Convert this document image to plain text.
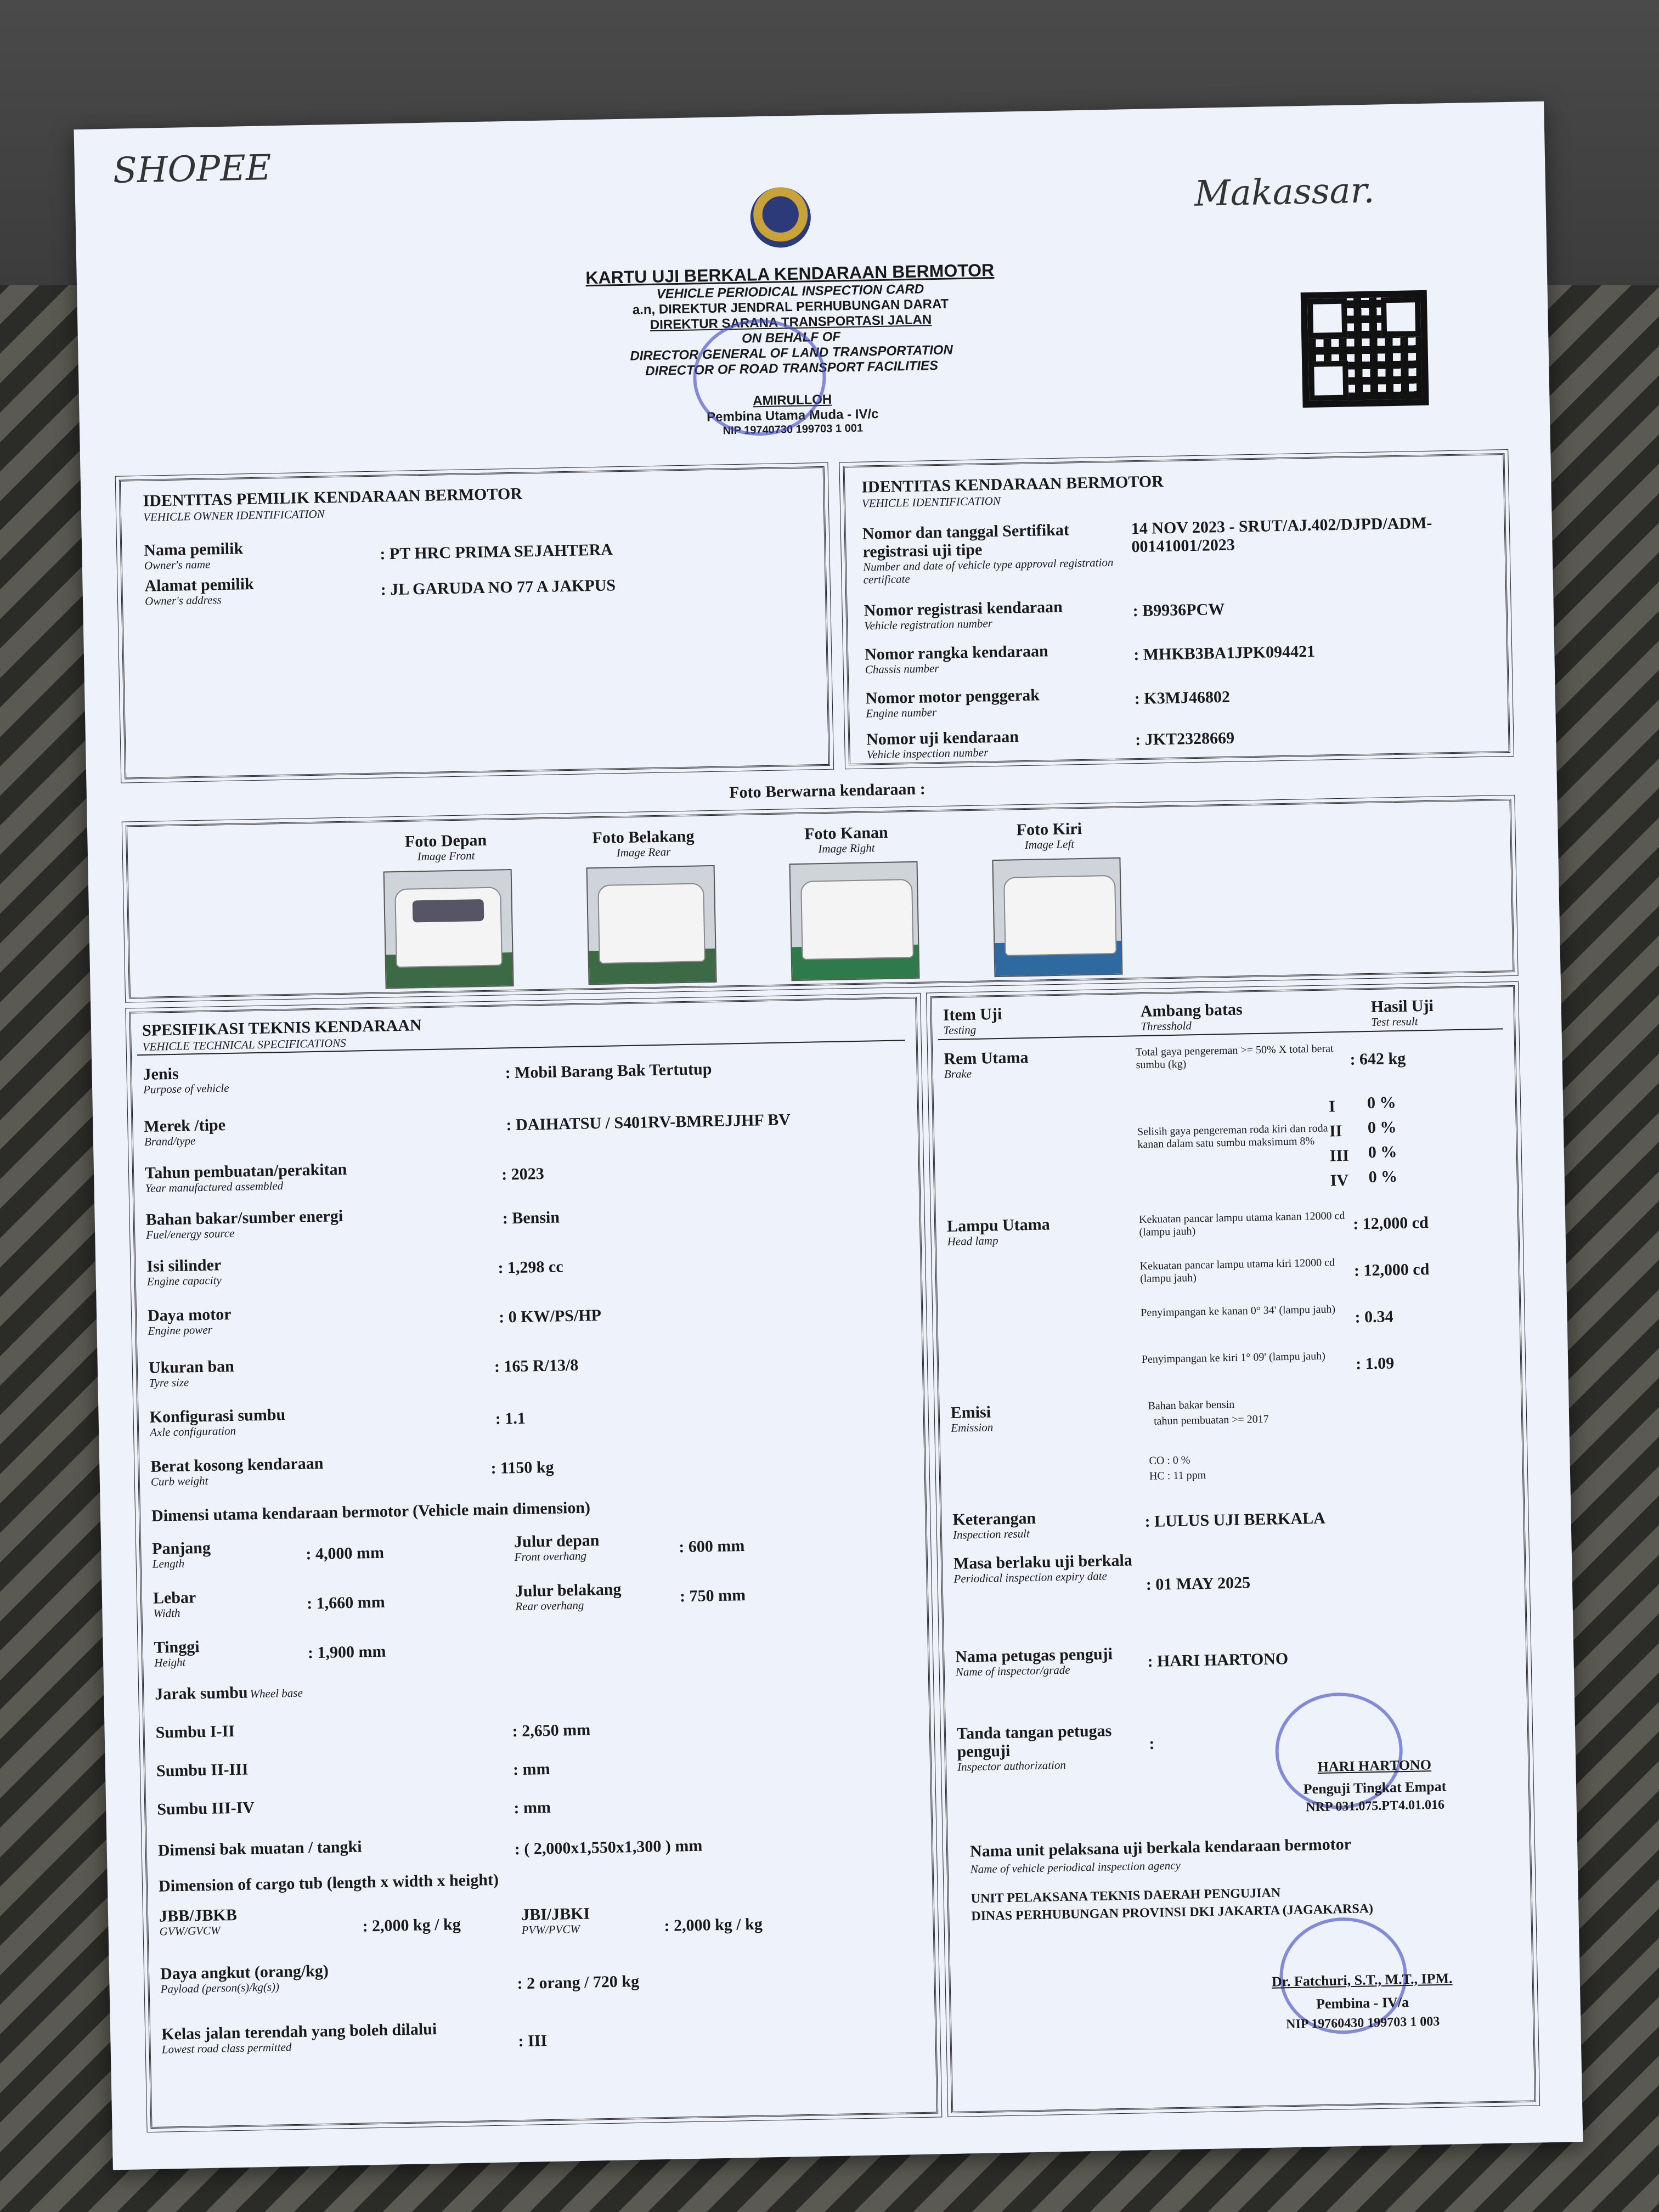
SHOPEE
Makassar.
KARTU UJI BERKALA KENDARAAN BERMOTOR
VEHICLE PERIODICAL INSPECTION CARD
a.n, DIREKTUR JENDRAL PERHUBUNGAN DARAT
DIREKTUR SARANA TRANSPORTASI JALAN
ON BEHALF OF
DIRECTOR GENERAL OF LAND TRANSPORTATION
DIRECTOR OF ROAD TRANSPORT FACILITIES
AMIRULLOH
Pembina Utama Muda - IV/c
NIP 19740730 199703 1 001
IDENTITAS PEMILIK KENDARAAN BERMOTOR
VEHICLE OWNER IDENTIFICATION
Nama pemilik
Owner's name
: PT HRC PRIMA SEJAHTERA
Alamat pemilik
Owner's address
: JL GARUDA NO 77 A JAKPUS
IDENTITAS KENDARAAN BERMOTOR
VEHICLE IDENTIFICATION
Nomor dan tanggal Sertifikat registrasi uji tipe
Number and date of vehicle type approval registration certificate
14 NOV 2023 - SRUT/AJ.402/DJPD/ADM-00141001/2023
Nomor registrasi kendaraan
Vehicle registration number
: B9936PCW
Nomor rangka kendaraan
Chassis number
: MHKB3BA1JPK094421
Nomor motor penggerak
Engine number
: K3MJ46802
Nomor uji kendaraan
Vehicle inspection number
: JKT2328669
Foto Berwarna kendaraan :
Foto Depan
Image Front
Foto Belakang
Image Rear
Foto Kanan
Image Right
Foto Kiri
Image Left
SPESIFIKASI TEKNIS KENDARAAN
VEHICLE TECHNICAL SPECIFICATIONS
Jenis
Purpose of vehicle
: Mobil Barang Bak Tertutup
Merek /tipe
Brand/type
: DAIHATSU / S401RV-BMREJJHF BV
Tahun pembuatan/perakitan
Year manufactured assembled
: 2023
Bahan bakar/sumber energi
Fuel/energy source
: Bensin
Isi silinder
Engine capacity
: 1,298 cc
Daya motor
Engine power
: 0 KW/PS/HP
Ukuran ban
Tyre size
: 165 R/13/8
Konfigurasi sumbu
Axle configuration
: 1.1
Berat kosong kendaraan
Curb weight
: 1150 kg
Dimensi utama kendaraan bermotor (Vehicle main dimension)
Panjang
Length
: 4,000 mm
Julur depan
Front overhang
: 600 mm
Lebar
Width
: 1,660 mm
Julur belakang
Rear overhang
: 750 mm
Tinggi
Height
: 1,900 mm
Jarak sumbu Wheel base
Sumbu I-II	: 2,650 mm
Sumbu II-III	: mm
Sumbu III-IV	: mm
Dimensi bak muatan / tangki	: ( 2,000x1,550x1,300 ) mm
Dimension of cargo tub (length x width x height)
JBB/JBKB
GVW/GVCW	: 2,000 kg / kg
JBI/JBKI
PVW/PVCW	: 2,000 kg / kg
Daya angkut (orang/kg)
Payload (person(s)/kg(s))	: 2 orang / 720 kg
Kelas jalan terendah yang boleh dilalui
Lowest road class permitted	: III
Item Uji
Testing
Ambang batas
Thresshold
Hasil Uji
Test result
Rem Utama
Brake
Total gaya pengereman >= 50% X total berat sumbu (kg)	: 642 kg
Selisih gaya pengereman roda kiri dan roda kanan dalam satu sumbu maksimum 8%
I 0 %
II 0 %
III 0 %
IV 0 %
Lampu Utama
Head lamp
Kekuatan pancar lampu utama kanan 12000 cd (lampu jauh)	: 12,000 cd
Kekuatan pancar lampu utama kiri 12000 cd (lampu jauh)	: 12,000 cd
Penyimpangan ke kanan 0° 34' (lampu jauh)	: 0.34
Penyimpangan ke kiri 1° 09' (lampu jauh)	: 1.09
Emisi
Emission
Bahan bakar bensin
tahun pembuatan >= 2017
CO : 0 %
HC : 11 ppm
Keterangan
Inspection result
: LULUS UJI BERKALA
Masa berlaku uji berkala
Periodical inspection expiry date	: 01 MAY 2025
Nama petugas penguji
Name of inspector/grade
: HARI HARTONO
Tanda tangan petugas penguji
Inspector authorization
:
HARI HARTONO
Penguji Tingkat Empat
NRP 031.075.PT4.01.016
Nama unit pelaksana uji berkala kendaraan bermotor
Name of vehicle periodical inspection agency
UNIT PELAKSANA TEKNIS DAERAH PENGUJIAN
DINAS PERHUBUNGAN PROVINSI DKI JAKARTA (JAGAKARSA)
Dr. Fatchuri, S.T., M.T., IPM.
Pembina - IV/a
NIP 19760430 199703 1 003
